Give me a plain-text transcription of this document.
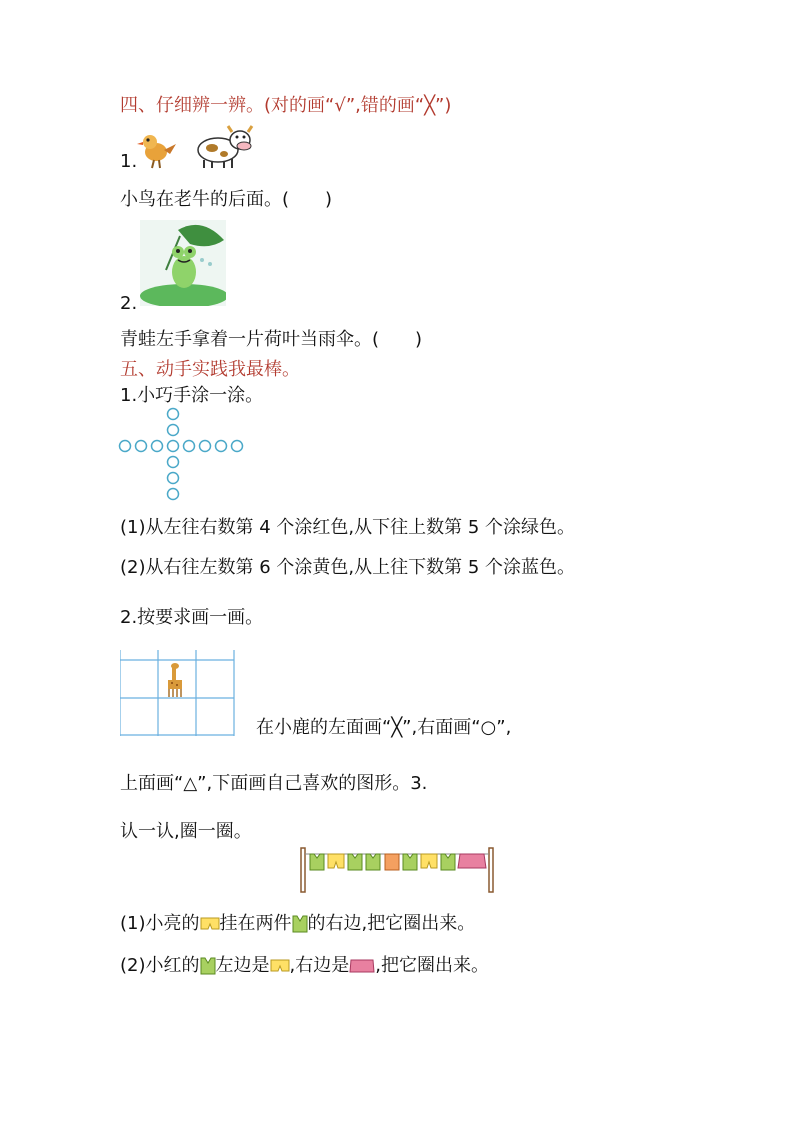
四、仔细辨一辨。(对的画“√”,错的画“╳”)
1.
小鸟在老牛的后面。(　　)
2.
青蛙左手拿着一片荷叶当雨伞。(　　)
五、动手实践我最棒。
1.小巧手涂一涂。
(1)从左往右数第 4 个涂红色,从下往上数第 5 个涂绿色。
(2)从右往左数第 6 个涂黄色,从上往下数第 5 个涂蓝色。
2.按要求画一画。
在小鹿的左面画“╳”,右面画“○”,
上面画“△”,下面画自己喜欢的图形。3.
认一认,圈一圈。
(1)小亮的 挂在两件 的右边,把它圈出来。
(2)小红的 左边是 ,右边是 ,把它圈出来。
